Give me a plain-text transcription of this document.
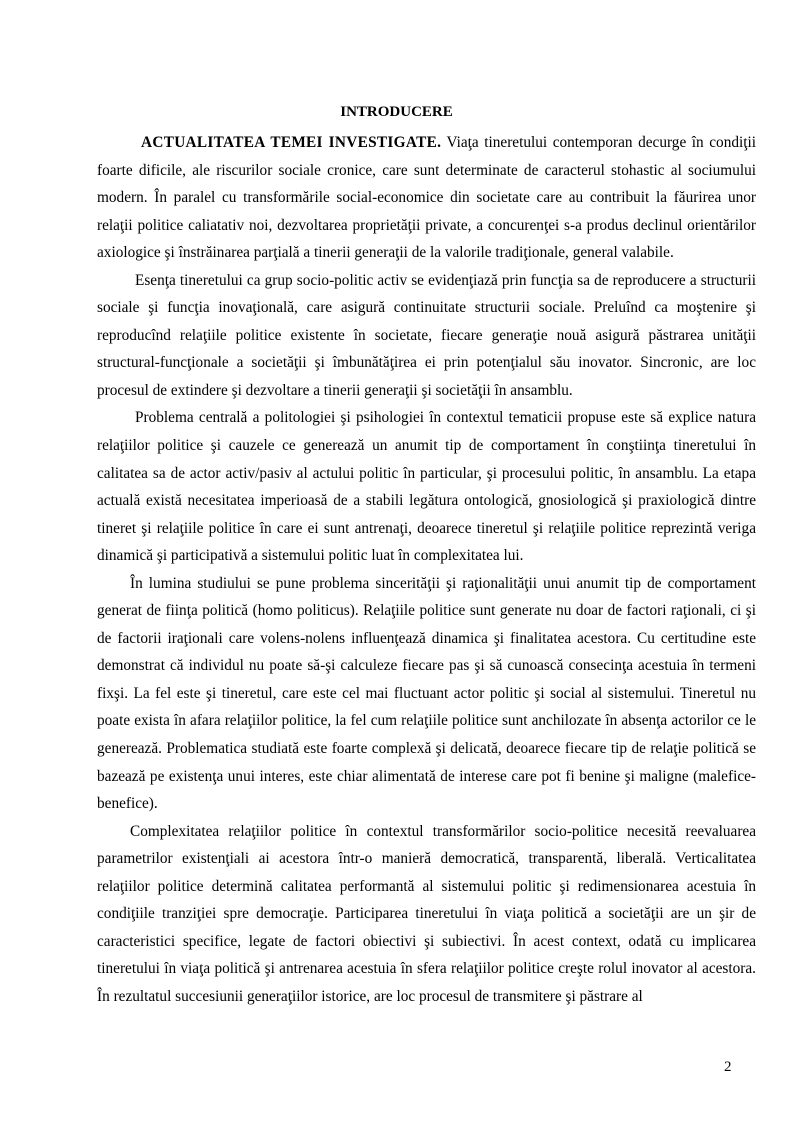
INTRODUCERE

ACTUALITATEA TEMEI INVESTIGATE. Viaţa tineretului contemporan decurge în condiţii foarte dificile, ale riscurilor sociale cronice, care sunt determinate de caracterul stohastic al sociumului modern. În paralel cu transformările social-economice din societate care au contribuit la făurirea unor relaţii politice caliatativ noi, dezvoltarea proprietăţii private, a concurenţei s-a produs declinul orientărilor axiologice şi înstrăinarea parţială a tinerii generaţii de la valorile tradiţionale, general valabile.

Esenţa tineretului ca grup socio-politic activ se evidenţiază prin funcţia sa de reproducere a structurii sociale şi funcţia inovaţională, care asigură continuitate structurii sociale. Preluînd ca moştenire şi reproducînd relaţiile politice existente în societate, fiecare generaţie nouă asigură păstrarea unităţii structural-funcţionale a societăţii şi îmbunătăţirea ei prin potenţialul său inovator. Sincronic, are loc procesul de extindere şi dezvoltare a tinerii generaţii şi societăţii în ansamblu.

Problema centrală a politologiei şi psihologiei în contextul tematicii propuse este să explice natura relaţiilor politice şi cauzele ce generează un anumit tip de comportament în conştiinţa tineretului în calitatea sa de actor activ/pasiv al actului politic în particular, şi procesului politic, în ansamblu. La etapa actuală există necesitatea imperioasă de a stabili legătura ontologică, gnosiologică şi praxiologică dintre tineret şi relaţiile politice în care ei sunt antrenaţi, deoarece tineretul şi relaţiile politice reprezintă veriga dinamică şi participativă a sistemului politic luat în complexitatea lui.

În lumina studiului se pune problema sincerităţii şi raţionalităţii unui anumit tip de comportament generat de fiinţa politică (homo politicus). Relaţiile politice sunt generate nu doar de factori raţionali, ci şi de factorii iraţionali care volens-nolens influenţează dinamica şi finalitatea acestora. Cu certitudine este demonstrat că individul nu poate să-şi calculeze fiecare pas şi să cunoască consecinţa acestuia în termeni fixşi. La fel este şi tineretul, care este cel mai fluctuant actor politic şi social al sistemului. Tineretul nu poate exista în afara relaţiilor politice, la fel cum relaţiile politice sunt anchilozate în absenţa actorilor ce le generează. Problematica studiată este foarte complexă şi delicată, deoarece fiecare tip de relaţie politică se bazează pe existenţa unui interes, este chiar alimentată de interese care pot fi benine şi maligne (malefice-benefice).

Complexitatea relaţiilor politice în contextul transformărilor socio-politice necesită reevaluarea parametrilor existenţiali ai acestora într-o manieră democratică, transparentă, liberală. Verticalitatea relaţiilor politice determină calitatea performantă al sistemului politic şi redimensionarea acestuia în condiţiile tranziţiei spre democraţie. Participarea tineretului în viaţa politică a societăţii are un şir de caracteristici specifice, legate de factori obiectivi şi subiectivi. În acest context, odată cu implicarea tineretului în viaţa politică şi antrenarea acestuia în sfera relaţiilor politice creşte rolul inovator al acestora. În rezultatul succesiunii generaţiilor istorice, are loc procesul de transmitere şi păstrare al

2
